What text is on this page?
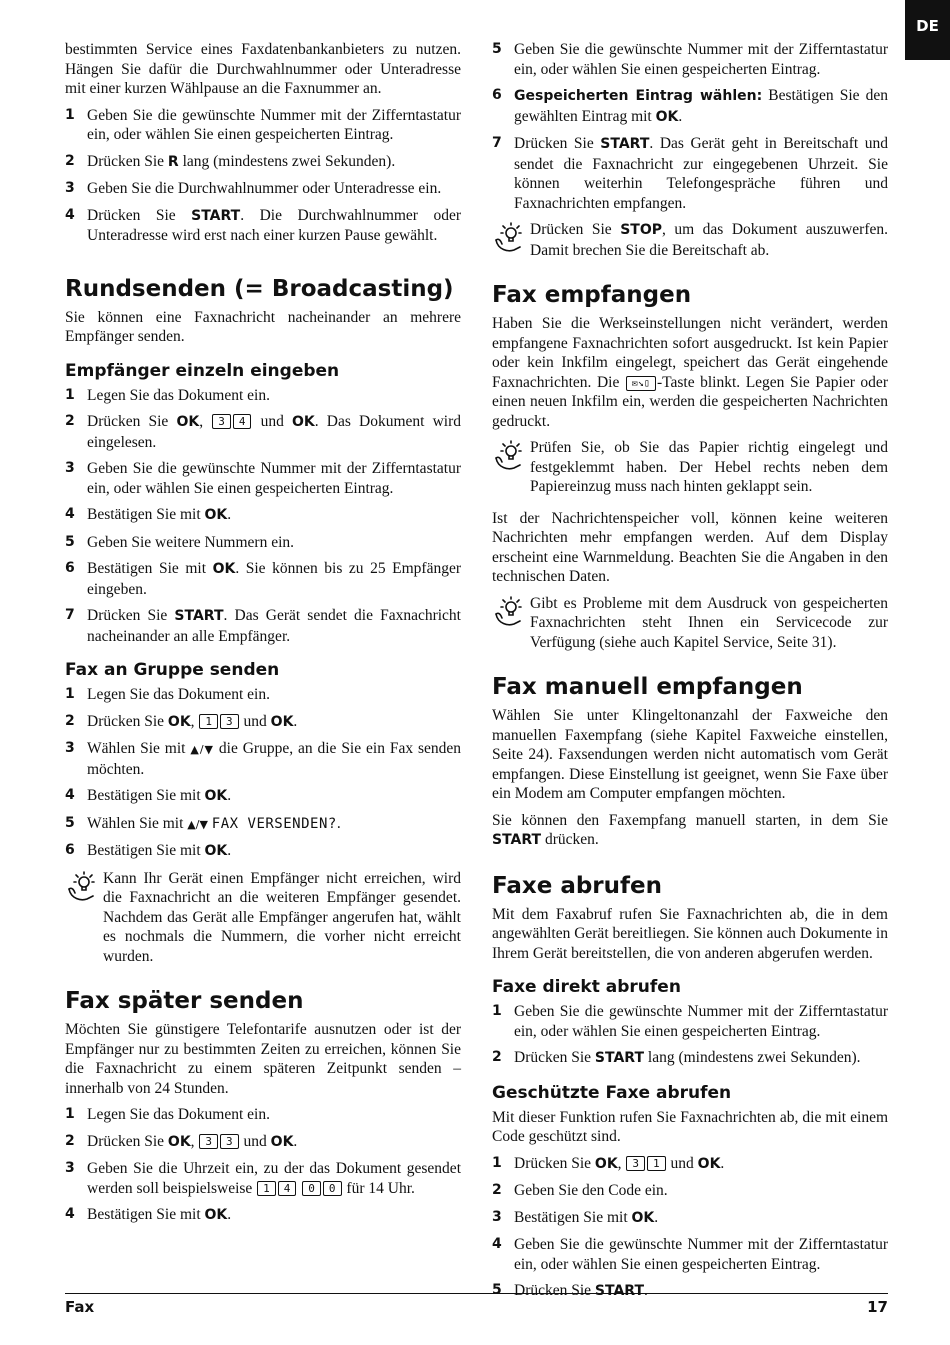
DE

bestimmten Service eines Faxdatenbankanbieters zu nutzen. Hängen Sie dafür die Durchwahlnummer oder Unteradresse mit einer kurzen Wählpause an die Faxnummer an.

1 Geben Sie die gewünschte Nummer mit der Zifferntastatur ein, oder wählen Sie einen gespeicherten Eintrag.
2 Drücken Sie R lang (mindestens zwei Sekunden).
3 Geben Sie die Durchwahlnummer oder Unteradresse ein.
4 Drücken Sie START. Die Durchwahlnummer oder Unteradresse wird erst nach einer kurzen Pause gewählt.
Rundsenden (= Broadcasting)

Sie können eine Faxnachricht nacheinander an mehrere Empfänger senden.

Empfänger einzeln eingeben
1 Legen Sie das Dokument ein.
2 Drücken Sie OK, 3 4 und OK. Das Dokument wird eingelesen.
3 Geben Sie die gewünschte Nummer mit der Zifferntastatur ein, oder wählen Sie einen gespeicherten Eintrag.
4 Bestätigen Sie mit OK.
5 Geben Sie weitere Nummern ein.
6 Bestätigen Sie mit OK. Sie können bis zu 25 Empfänger eingeben.
7 Drücken Sie START. Das Gerät sendet die Faxnachricht nacheinander an alle Empfänger.
Fax an Gruppe senden
1 Legen Sie das Dokument ein.
2 Drücken Sie OK, 1 3 und OK.
3 Wählen Sie mit ▲/▼ die Gruppe, an die Sie ein Fax senden möchten.
4 Bestätigen Sie mit OK.
5 Wählen Sie mit ▲/▼ FAX VERSENDEN?.
6 Bestätigen Sie mit OK.
Kann Ihr Gerät einen Empfänger nicht erreichen, wird die Faxnachricht an die weiteren Empfänger gesendet. Nachdem das Gerät alle Empfänger angerufen hat, wählt es nochmals die Nummern, die vorher nicht erreicht wurden.
Fax später senden

Möchten Sie günstigere Telefontarife ausnutzen oder ist der Empfänger nur zu bestimmten Zeiten zu erreichen, können Sie die Faxnachricht zu einem späteren Zeitpunkt senden – innerhalb von 24 Stunden.

1 Legen Sie das Dokument ein.
2 Drücken Sie OK, 3 3 und OK.
3 Geben Sie die Uhrzeit ein, zu der das Dokument gesendet werden soll beispielsweise 1 4 0 0 für 14 Uhr.
4 Bestätigen Sie mit OK.
5 Geben Sie die gewünschte Nummer mit der Zifferntastatur ein, oder wählen Sie einen gespeicherten Eintrag.
6 Gespeicherten Eintrag wählen: Bestätigen Sie den gewählten Eintrag mit OK.
7 Drücken Sie START. Das Gerät geht in Bereitschaft und sendet die Faxnachricht zur eingegebenen Uhrzeit. Sie können weiterhin Telefongespräche führen und Faxnachrichten empfangen.
Drücken Sie STOP, um das Dokument auszuwerfen. Damit brechen Sie die Bereitschaft ab.
Fax empfangen

Haben Sie die Werkseinstellungen nicht verändert, werden empfangene Faxnachrichten sofort ausgedruckt. Ist kein Papier oder kein Inkfilm eingelegt, speichert das Gerät eingehende Faxnachrichten. Die ✉↘▯ -Taste blinkt. Legen Sie Papier oder einen neuen Inkfilm ein, werden die gespeicherten Nachrichten gedruckt.

Prüfen Sie, ob Sie das Papier richtig eingelegt und festgeklemmt haben. Der Hebel rechts neben dem Papiereinzug muss nach hinten geklappt sein.

Ist der Nachrichtenspeicher voll, können keine weiteren Nachrichten mehr empfangen werden. Auf dem Display erscheint eine Warnmeldung. Beachten Sie die Angaben in den technischen Daten.

Gibt es Probleme mit dem Ausdruck von gespeicherten Faxnachrichten steht Ihnen ein Servicecode zur Verfügung (siehe auch Kapitel Service, Seite 31).
Fax manuell empfangen

Wählen Sie unter Klingeltonanzahl der Faxweiche den manuellen Faxempfang (siehe Kapitel Faxweiche einstellen, Seite 24). Faxsendungen werden nicht automatisch vom Gerät empfangen. Diese Einstellung ist geeignet, wenn Sie Faxe über ein Modem am Computer empfangen möchten.

Sie können den Faxempfang manuell starten, in dem Sie START drücken.

Faxe abrufen

Mit dem Faxabruf rufen Sie Faxnachrichten ab, die in dem angewählten Gerät bereitliegen. Sie können auch Dokumente in Ihrem Gerät bereitstellen, die von anderen abgerufen werden.

Faxe direkt abrufen
1 Geben Sie die gewünschte Nummer mit der Zifferntastatur ein, oder wählen Sie einen gespeicherten Eintrag.
2 Drücken Sie START lang (mindestens zwei Sekunden).
Geschützte Faxe abrufen

Mit dieser Funktion rufen Sie Faxnachrichten ab, die mit einem Code geschützt sind.

1 Drücken Sie OK, 3 1 und OK.
2 Geben Sie den Code ein.
3 Bestätigen Sie mit OK.
4 Geben Sie die gewünschte Nummer mit der Zifferntastatur ein, oder wählen Sie einen gespeicherten Eintrag.
5 Drücken Sie START.
Fax	17
